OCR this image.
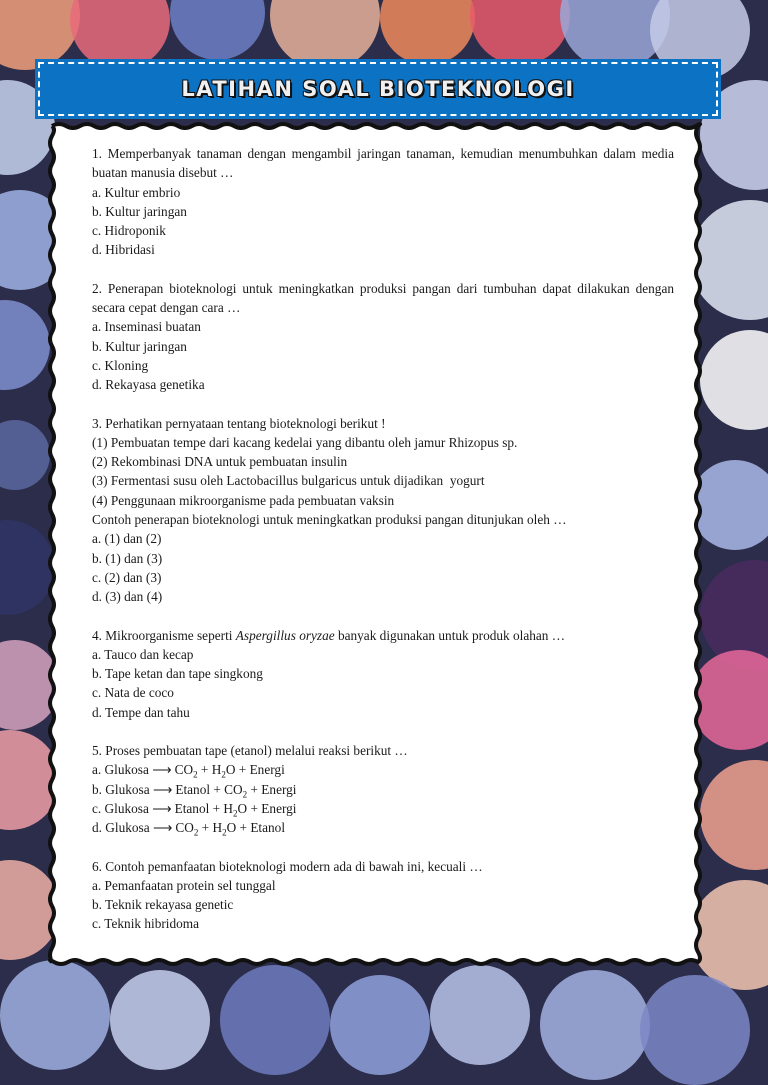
LATIHAN SOAL BIOTEKNOLOGI
1. Memperbanyak tanaman dengan mengambil jaringan tanaman, kemudian menumbuhkan dalam media buatan manusia disebut …
a. Kultur embrio
b. Kultur jaringan
c. Hidroponik
d. Hibridasi
2. Penerapan bioteknologi untuk meningkatkan produksi pangan dari tumbuhan dapat dilakukan dengan secara cepat dengan cara …
a. Inseminasi buatan
b. Kultur jaringan
c. Kloning
d. Rekayasa genetika
3. Perhatikan pernyataan tentang bioteknologi berikut !
(1) Pembuatan tempe dari kacang kedelai yang dibantu oleh jamur Rhizopus sp.
(2) Rekombinasi DNA untuk pembuatan insulin
(3) Fermentasi susu oleh Lactobacillus bulgaricus untuk dijadikan  yogurt
(4) Penggunaan mikroorganisme pada pembuatan vaksin
Contoh penerapan bioteknologi untuk meningkatkan produksi pangan ditunjukan oleh …
a. (1) dan (2)
b. (1) dan (3)
c. (2) dan (3)
d. (3) dan (4)
4. Mikroorganisme seperti Aspergillus oryzae banyak digunakan untuk produk olahan …
a. Tauco dan kecap
b. Tape ketan dan tape singkong
c. Nata de coco
d. Tempe dan tahu
5. Proses pembuatan tape (etanol) melalui reaksi berikut …
a. Glukosa ⟶ $CO_2 + H_2O$ + Energi
b. Glukosa ⟶ Etanol + $CO_2$ + Energi
c. Glukosa ⟶ Etanol + $H_2O$ + Energi
d. Glukosa ⟶ $CO_2 + H_2O$ + Etanol
6. Contoh pemanfaatan bioteknologi modern ada di bawah ini, kecuali …
a. Pemanfaatan protein sel tunggal
b. Teknik rekayasa genetic
c. Teknik hibridoma
